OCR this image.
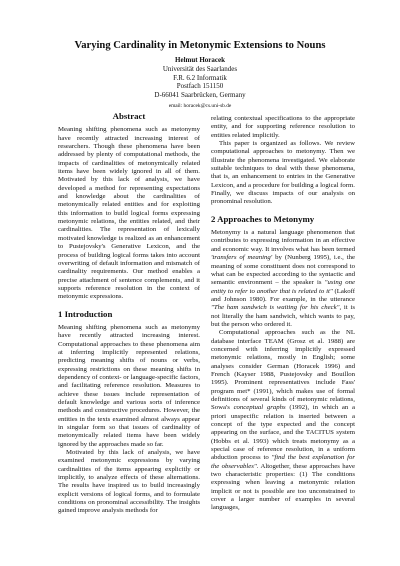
Varying Cardinality in Metonymic Extensions to Nouns
Helmut Horacek
Universität des Saarlandes
F.R. 6.2 Informatik
Postfach 151150
D-66041 Saarbrücken, Germany
email: horacek@cs.uni-sb.de
Abstract

Meaning shifting phenomena such as metonymy have recently attracted increasing interest of researchers. Though these phenomena have been addressed by plenty of computational methods, the impacts of cardinalities of metonymically related items have been widely ignored in all of them. Motivated by this lack of analysis, we have developed a method for representing expectations and knowledge about the cardinalities of metonymically related entities and for exploiting this information to build logical forms expressing metonymic relations, the entities related, and their cardinalities. The representation of lexically motivated knowledge is realized as an enhancement to Pustejovsky's Generative Lexicon, and the process of building logical forms takes into account overwriting of default information and mismatch of cardinality requirements. Our method enables a precise attachment of sentence complements, and it supports reference resolution in the context of metonymic expressions.

1 Introduction

Meaning shifting phenomena such as metonymy have recently attracted increasing interest. Computational approaches to these phenomena aim at inferring implicitly represented relations, predicting meaning shifts of nouns or verbs, expressing restrictions on these meaning shifts in dependency of context- or language-specific factors, and facilitating reference resolution. Measures to achieve these issues include representation of default knowledge and various sorts of inference methods and constructive procedures. However, the entities in the texts examined almost always appear in singular form so that issues of cardinality of metonymically related items have been widely ignored by the approaches made so far.

Motivated by this lack of analysis, we have examined metonymic expressions by varying cardinalities of the items appearing explicitly or implicitly, to analyze effects of these alternations. The results have inspired us to build increasingly explicit versions of logical forms, and to formulate conditions on pronominal accessibility. The insights gained improve analysis methods for

relating contextual specifications to the appropriate entity, and for supporting reference resolution to entities related implicitly.

This paper is organized as follows. We review computational approaches to metonymy. Then we illustrate the phenomena investigated. We elaborate suitable techniques to deal with these phenomena, that is, an enhancement to entries in the Generative Lexicon, and a procedure for building a logical form. Finally, we discuss impacts of our analysis on pronominal resolution.

2 Approaches to Metonymy

Metonymy is a natural language phenomenon that contributes to expressing information in an effective and economic way. It involves what has been termed 'transfers of meaning' by (Nunberg 1995), i.e., the meaning of some constituent does not correspond to what can be expected according to the syntactic and semantic environment – the speaker is "using one entity to refer to another that is related to it" (Lakoff and Johnson 1980). For example, in the utterance "The ham sandwich is waiting for his check", it is not literally the ham sandwich, which wants to pay, but the person who ordered it.

Computational approaches such as the NL database interface TEAM (Grosz et al. 1988) are concerned with inferring implicitly expressed metonymic relations, mostly in English; some analyses consider German (Horacek 1996) and French (Kayser 1988, Pustejovsky and Bouillon 1995). Prominent representatives include Fass' program met* (1991), which makes use of formal definitions of several kinds of metonymic relations, Sowa's conceptual graphs (1992), in which an a priori unspecific relation is inserted between a concept of the type expected and the concept appearing on the surface, and the TACITUS system (Hobbs et al. 1993) which treats metonymy as a special case of reference resolution, in a uniform abduction process to "find the best explanation for the observables". Altogether, these approaches have two characteristic properties: (1) The conditions expressing when leaving a metonymic relation implicit or not is possible are too unconstrained to cover a larger number of examples in several languages,
